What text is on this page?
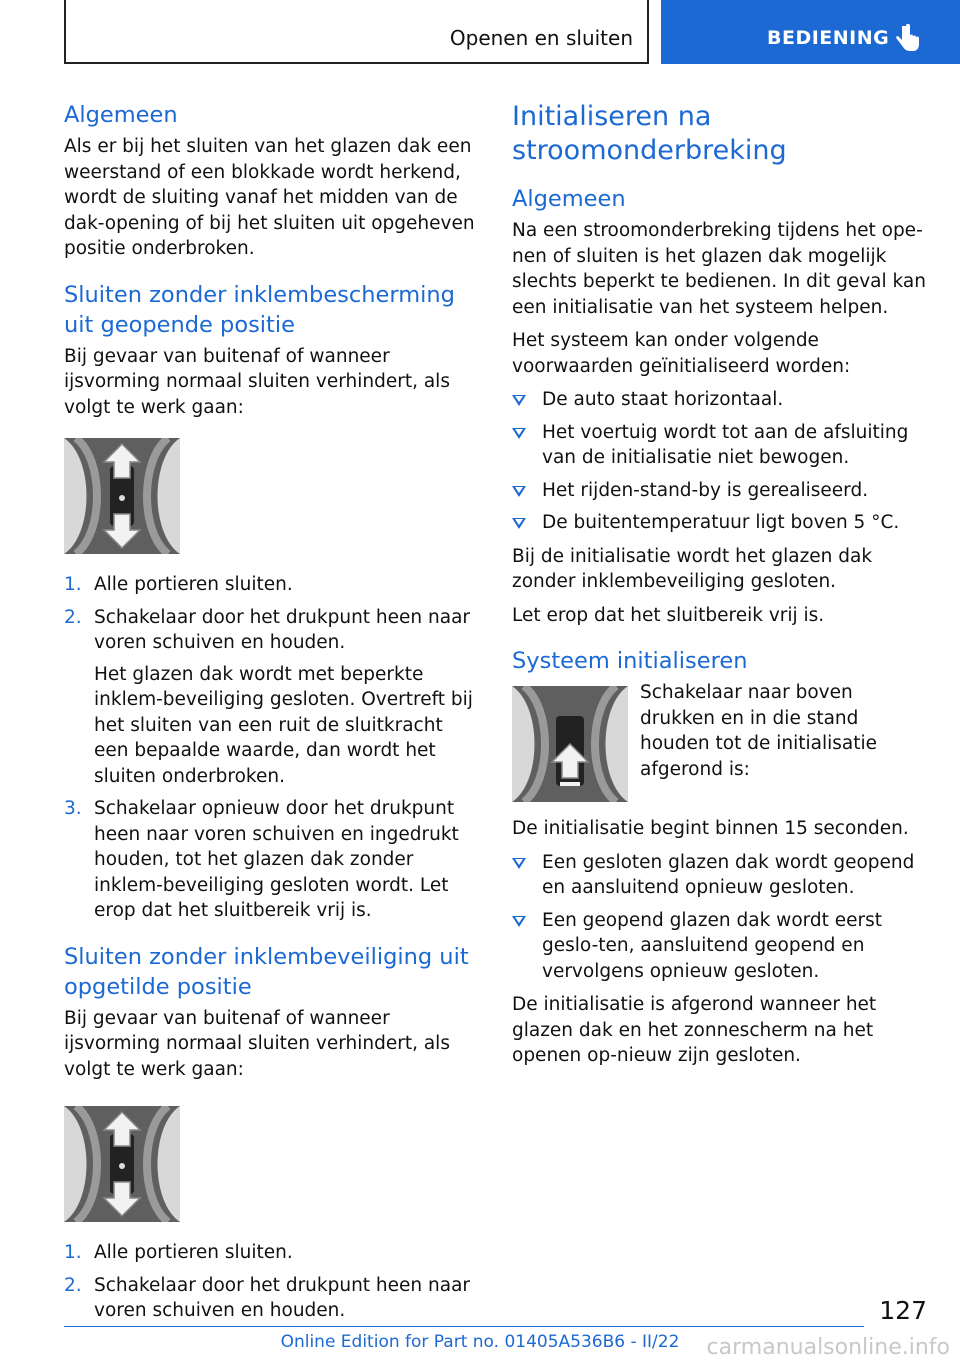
Openen en sluiten	BEDIENING
Algemeen

Als er bij het sluiten van het glazen dak een weerstand of een blokkade wordt herkend, wordt de sluiting vanaf het midden van de dak-opening of bij het sluiten uit opgeheven positie onderbroken.

Sluiten zonder inklembescherming uit geopende positie

Bij gevaar van buitenaf of wanneer ijsvorming normaal sluiten verhindert, als volgt te werk gaan:

1. Alle portieren sluiten.
2. Schakelaar door het drukpunt heen naar voren schuiven en houden.
Het glazen dak wordt met beperkte inklem-beveiliging gesloten. Overtreft bij het sluiten van een ruit de sluitkracht een bepaalde waarde, dan wordt het sluiten onderbroken.
3. Schakelaar opnieuw door het drukpunt heen naar voren schuiven en ingedrukt houden, tot het glazen dak zonder inklem-beveiliging gesloten wordt. Let erop dat het sluitbereik vrij is.
Sluiten zonder inklembeveiliging uit opgetilde positie

Bij gevaar van buitenaf of wanneer ijsvorming normaal sluiten verhindert, als volgt te werk gaan:

1. Alle portieren sluiten.
2. Schakelaar door het drukpunt heen naar voren schuiven en houden.
Initialiseren na stroomonderbreking
Algemeen

Na een stroomonderbreking tijdens het ope-nen of sluiten is het glazen dak mogelijk slechts beperkt te bedienen. In dit geval kan een initialisatie van het systeem helpen.

Het systeem kan onder volgende voorwaarden geïnitialiseerd worden:

De auto staat horizontaal.
Het voertuig wordt tot aan de afsluiting van de initialisatie niet bewogen.
Het rijden-stand-by is gerealiseerd.
De buitentemperatuur ligt boven 5 °C.

Bij de initialisatie wordt het glazen dak zonder inklembeveiliging gesloten.

Let erop dat het sluitbereik vrij is.

Systeem initialiseren

Schakelaar naar boven drukken en in die stand houden tot de initialisatie afgerond is:

De initialisatie begint binnen 15 seconden.

Een gesloten glazen dak wordt geopend en aansluitend opnieuw gesloten.
Een geopend glazen dak wordt eerst geslo-ten, aansluitend geopend en vervolgens opnieuw gesloten.

De initialisatie is afgerond wanneer het glazen dak en het zonnescherm na het openen op-nieuw zijn gesloten.

127
Online Edition for Part no. 01405A536B6 - II/22	carmanualsonline.info
